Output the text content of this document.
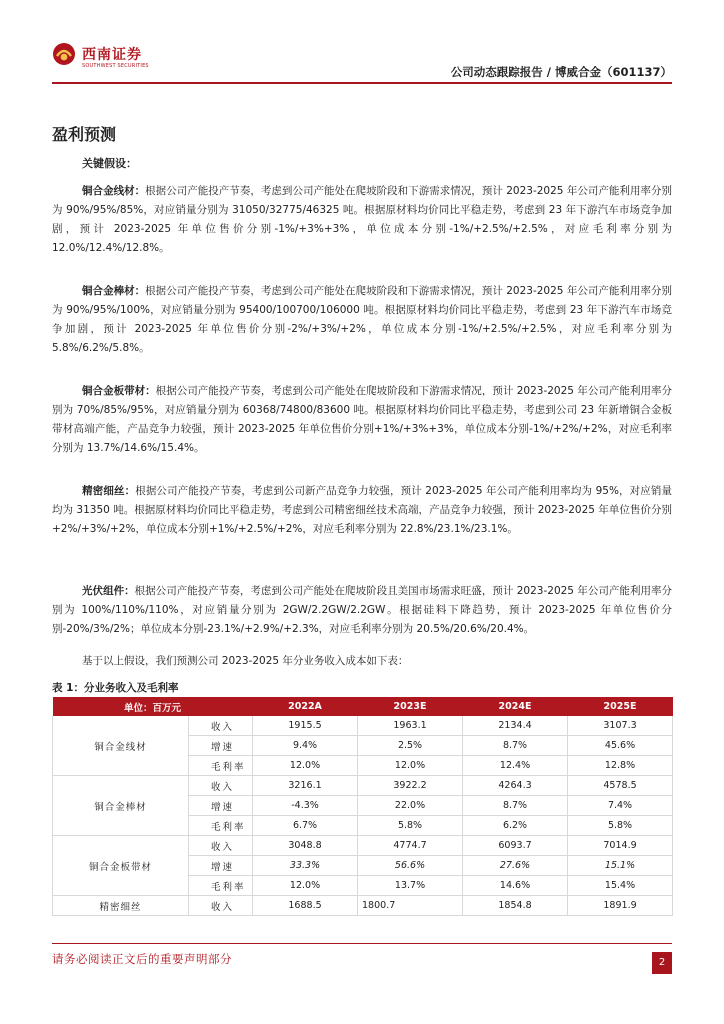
西南证券
SOUTHWEST SECURITIES	公司动态跟踪报告 / 博威合金（601137）
盈利预测
关键假设：
铜合金线材：根据公司产能投产节奏，考虑到公司产能处在爬坡阶段和下游需求情况，预计 2023-2025 年公司产能利用率分别为 90%/95%/85%，对应销量分别为 31050/32775/46325 吨。根据原材料均价同比平稳走势，考虑到 23 年下游汽车市场竞争加剧，预计 2023-2025 年单位售价分别-1%/+3%+3%，单位成本分别-1%/+2.5%/+2.5%，对应毛利率分别为 12.0%/12.4%/12.8%。
铜合金棒材：根据公司产能投产节奏，考虑到公司产能处在爬坡阶段和下游需求情况，预计 2023-2025 年公司产能利用率分别为 90%/95%/100%，对应销量分别为 95400/100700/106000 吨。根据原材料均价同比平稳走势，考虑到 23 年下游汽车市场竞争加剧，预计 2023-2025 年单位售价分别-2%/+3%/+2%，单位成本分别-1%/+2.5%/+2.5%，对应毛利率分别为 5.8%/6.2%/5.8%。
铜合金板带材：根据公司产能投产节奏，考虑到公司产能处在爬坡阶段和下游需求情况，预计 2023-2025 年公司产能利用率分别为 70%/85%/95%，对应销量分别为 60368/74800/83600 吨。根据原材料均价同比平稳走势，考虑到公司 23 年新增铜合金板带材高端产能，产品竞争力较强，预计 2023-2025 年单位售价分别+1%/+3%+3%，单位成本分别-1%/+2%/+2%，对应毛利率分别为 13.7%/14.6%/15.4%。
精密细丝：根据公司产能投产节奏，考虑到公司新产品竞争力较强，预计 2023-2025 年公司产能利用率均为 95%，对应销量均为 31350 吨。根据原材料均价同比平稳走势，考虑到公司精密细丝技术高端，产品竞争力较强，预计 2023-2025 年单位售价分别+2%/+3%/+2%，单位成本分别+1%/+2.5%/+2%，对应毛利率分别为 22.8%/23.1%/23.1%。
光伏组件：根据公司产能投产节奏，考虑到公司产能处在爬坡阶段且美国市场需求旺盛，预计 2023-2025 年公司产能利用率分别为 100%/110%/110%，对应销量分别为 2GW/2.2GW/2.2GW。根据硅料下降趋势，预计 2023-2025 年单位售价分别-20%/3%/2%；单位成本分别-23.1%/+2.9%/+2.3%，对应毛利率分别为 20.5%/20.6%/20.4%。
基于以上假设，我们预测公司 2023-2025 年分业务收入成本如下表：
表 1：分业务收入及毛利率
单位：百万元		2022A	2023E	2024E	2025E
铜合金线材	收入	1915.5	1963.1	2134.4	3107.3
	增速	9.4%	2.5%	8.7%	45.6%
	毛利率	12.0%	12.0%	12.4%	12.8%
铜合金棒材	收入	3216.1	3922.2	4264.3	4578.5
	增速	-4.3%	22.0%	8.7%	7.4%
	毛利率	6.7%	5.8%	6.2%	5.8%
铜合金板带材	收入	3048.8	4774.7	6093.7	7014.9
	增速	33.3%	56.6%	27.6%	15.1%
	毛利率	12.0%	13.7%	14.6%	15.4%
精密细丝	收入	1688.5	1800.7	1854.8	1891.9
请务必阅读正文后的重要声明部分	2
